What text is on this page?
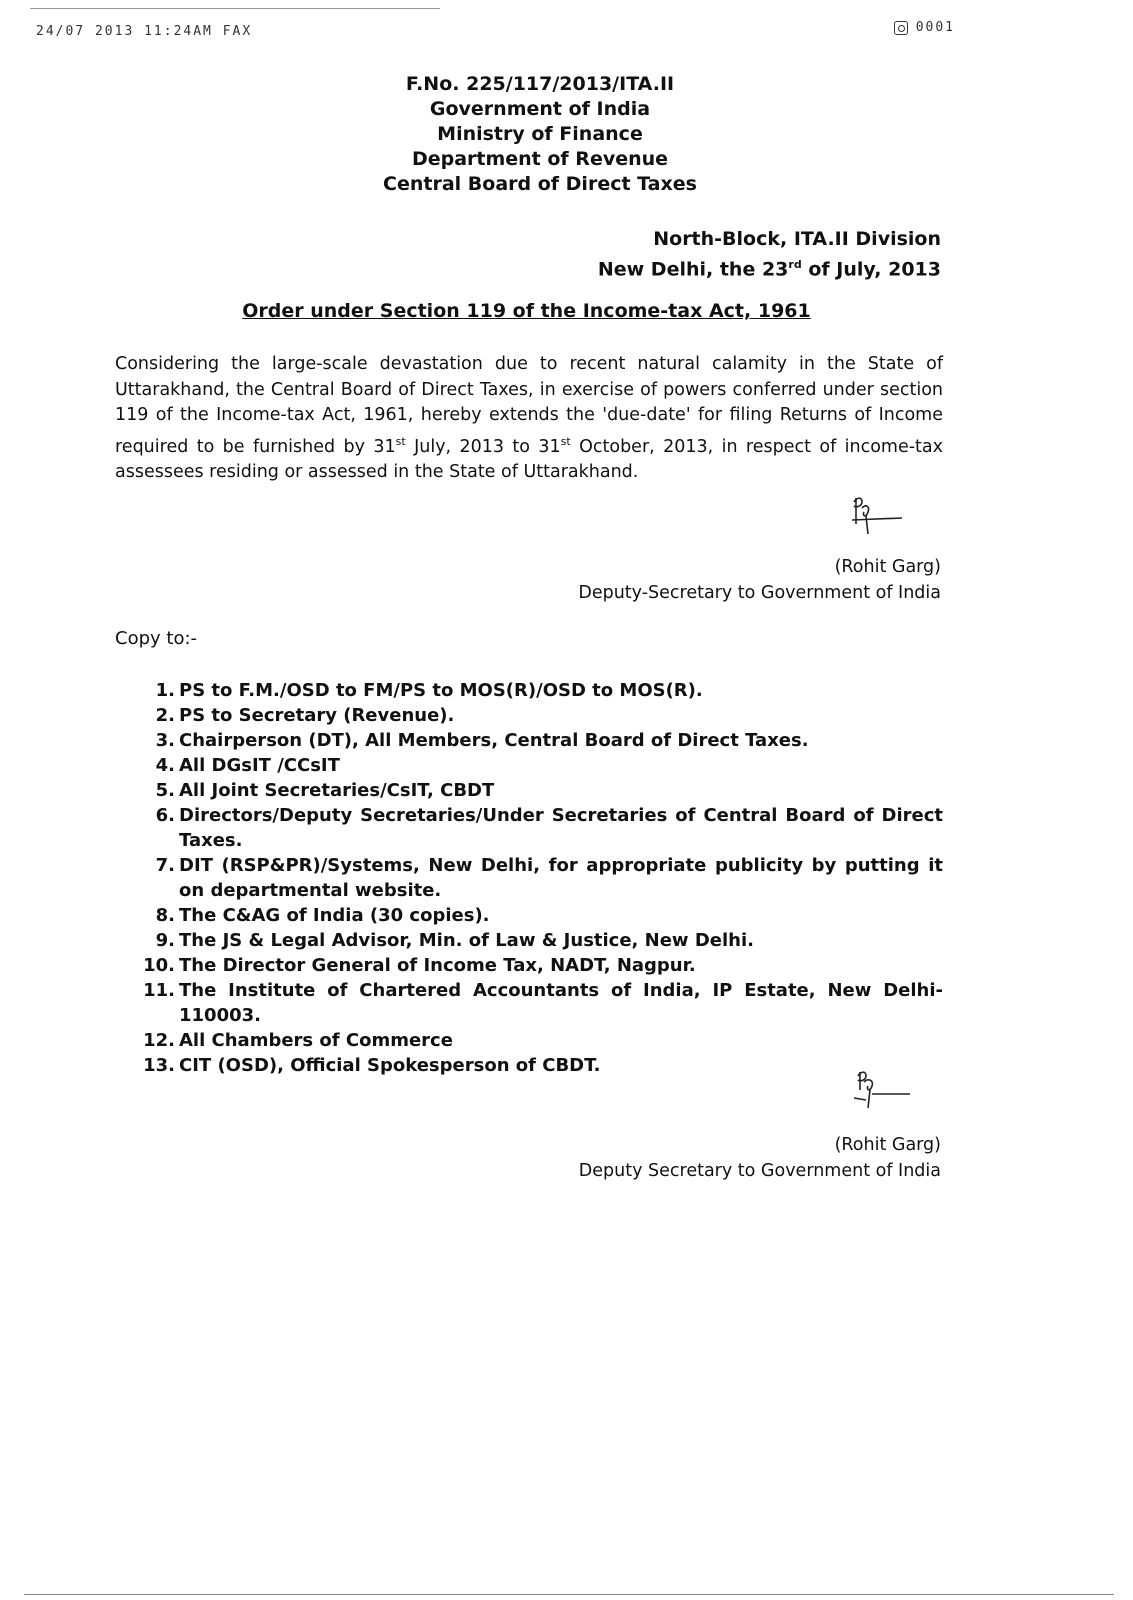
24/07 2013 11:24AM FAX	0001
F.No. 225/117/2013/ITA.II
Government of India
Ministry of Finance
Department of Revenue
Central Board of Direct Taxes
North-Block, ITA.II Division
New Delhi, the 23rd of July, 2013
Order under Section 119 of the Income-tax Act, 1961

Considering the large-scale devastation due to recent natural calamity in the State of Uttarakhand, the Central Board of Direct Taxes, in exercise of powers conferred under section 119 of the Income-tax Act, 1961, hereby extends the 'due-date' for filing Returns of Income required to be furnished by 31st July, 2013 to 31st October, 2013, in respect of income-tax assessees residing or assessed in the State of Uttarakhand.

(Rohit Garg)
Deputy-Secretary to Government of India
Copy to:-
1. PS to F.M./OSD to FM/PS to MOS(R)/OSD to MOS(R).
2. PS to Secretary (Revenue).
3. Chairperson (DT), All Members, Central Board of Direct Taxes.
4. All DGsIT /CCsIT
5. All Joint Secretaries/CsIT, CBDT
6. Directors/Deputy Secretaries/Under Secretaries of Central Board of Direct Taxes.
7. DIT (RSP&PR)/Systems, New Delhi, for appropriate publicity by putting it on departmental website.
8. The C&AG of India (30 copies).
9. The JS & Legal Advisor, Min. of Law & Justice, New Delhi.
10. The Director General of Income Tax, NADT, Nagpur.
11. The Institute of Chartered Accountants of India, IP Estate, New Delhi-110003.
12. All Chambers of Commerce
13. CIT (OSD), Official Spokesperson of CBDT.
(Rohit Garg)
Deputy Secretary to Government of India
